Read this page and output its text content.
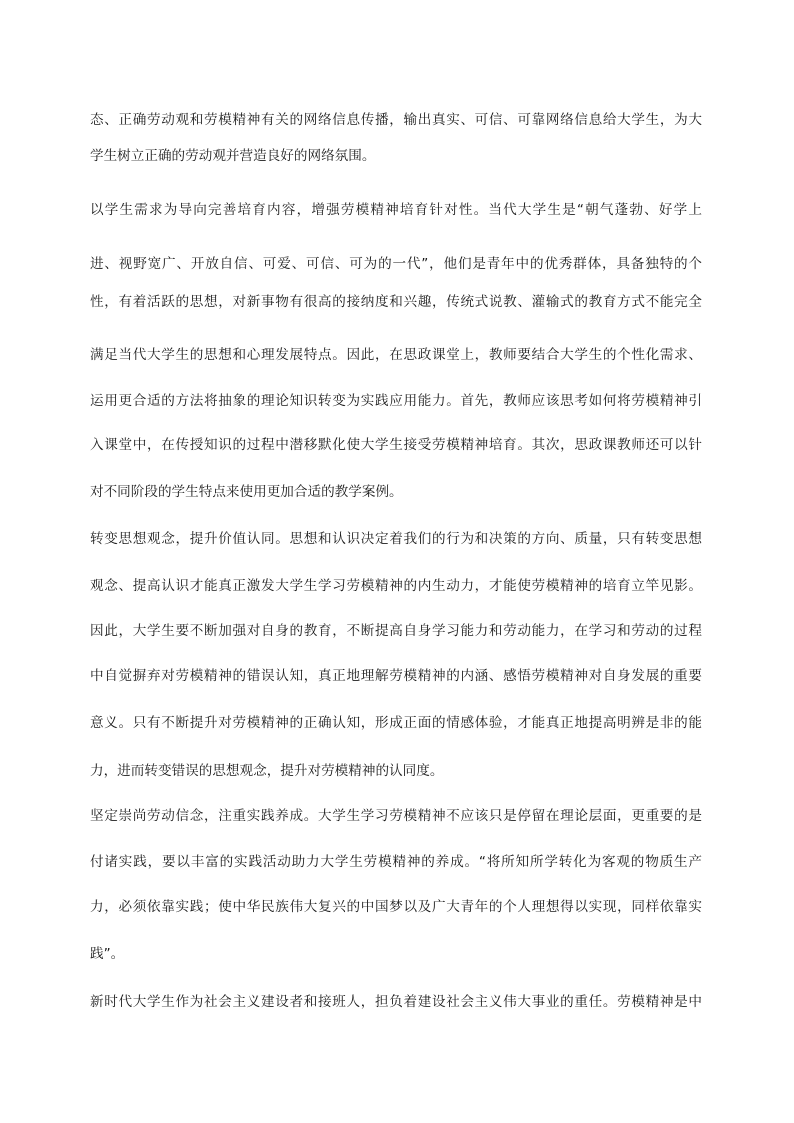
态、正确劳动观和劳模精神有关的网络信息传播，输出真实、可信、可靠网络信息给大学生，为大
学生树立正确的劳动观并营造良好的网络氛围。
以学生需求为导向完善培育内容，增强劳模精神培育针对性。当代大学生是“朝气蓬勃、好学上
进、视野宽广、开放自信、可爱、可信、可为的一代”，他们是青年中的优秀群体，具备独特的个
性，有着活跃的思想，对新事物有很高的接纳度和兴趣，传统式说教、灌输式的教育方式不能完全
满足当代大学生的思想和心理发展特点。因此，在思政课堂上，教师要结合大学生的个性化需求、
运用更合适的方法将抽象的理论知识转变为实践应用能力。首先，教师应该思考如何将劳模精神引
入课堂中，在传授知识的过程中潜移默化使大学生接受劳模精神培育。其次，思政课教师还可以针
对不同阶段的学生特点来使用更加合适的教学案例。
转变思想观念，提升价值认同。思想和认识决定着我们的行为和决策的方向、质量，只有转变思想
观念、提高认识才能真正激发大学生学习劳模精神的内生动力，才能使劳模精神的培育立竿见影。
因此，大学生要不断加强对自身的教育，不断提高自身学习能力和劳动能力，在学习和劳动的过程
中自觉摒弃对劳模精神的错误认知，真正地理解劳模精神的内涵、感悟劳模精神对自身发展的重要
意义。只有不断提升对劳模精神的正确认知，形成正面的情感体验，才能真正地提高明辨是非的能
力，进而转变错误的思想观念，提升对劳模精神的认同度。
坚定崇尚劳动信念，注重实践养成。大学生学习劳模精神不应该只是停留在理论层面，更重要的是
付诸实践，要以丰富的实践活动助力大学生劳模精神的养成。“将所知所学转化为客观的物质生产
力，必须依靠实践；使中华民族伟大复兴的中国梦以及广大青年的个人理想得以实现，同样依靠实
践”。
新时代大学生作为社会主义建设者和接班人，担负着建设社会主义伟大事业的重任。劳模精神是中
